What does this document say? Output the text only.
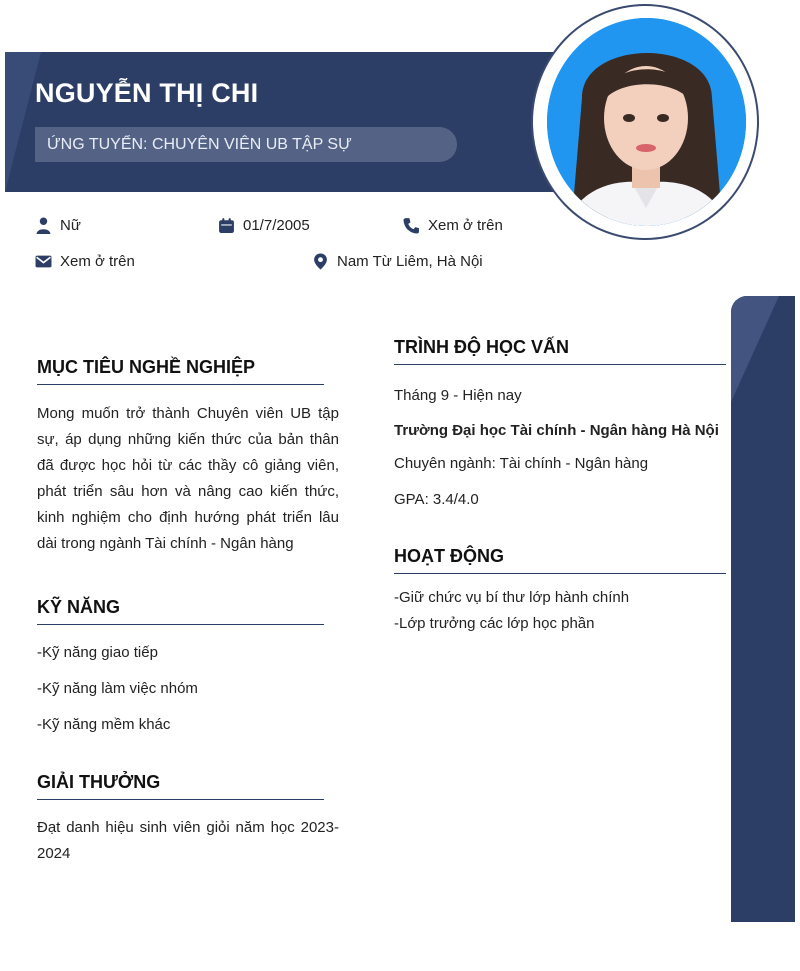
NGUYỄN THỊ CHI
ỨNG TUYỂN: CHUYÊN VIÊN UB TẬP SỰ
Nữ	01/7/2005	Xem ở trên
Xem ở trên	Nam Từ Liêm, Hà Nội
MỤC TIÊU NGHỀ NGHIỆP
Mong muốn trở thành Chuyên viên UB tập sự, áp dụng những kiến thức của bản thân đã được học hỏi từ các thầy cô giảng viên, phát triển sâu hơn và nâng cao kiến thức, kinh nghiệm cho định hướng phát triển lâu dài trong ngành Tài chính - Ngân hàng
KỸ NĂNG
-Kỹ năng giao tiếp
-Kỹ năng làm việc nhóm
-Kỹ năng mềm khác
GIẢI THƯỞNG
Đạt danh hiệu sinh viên giỏi năm học 2023-2024
TRÌNH ĐỘ HỌC VẤN
Tháng 9 - Hiện nay
Trường Đại học Tài chính - Ngân hàng Hà Nội
Chuyên ngành: Tài chính - Ngân hàng
GPA: 3.4/4.0
HOẠT ĐỘNG
-Giữ chức vụ bí thư lớp hành chính
-Lớp trưởng các lớp học phần
